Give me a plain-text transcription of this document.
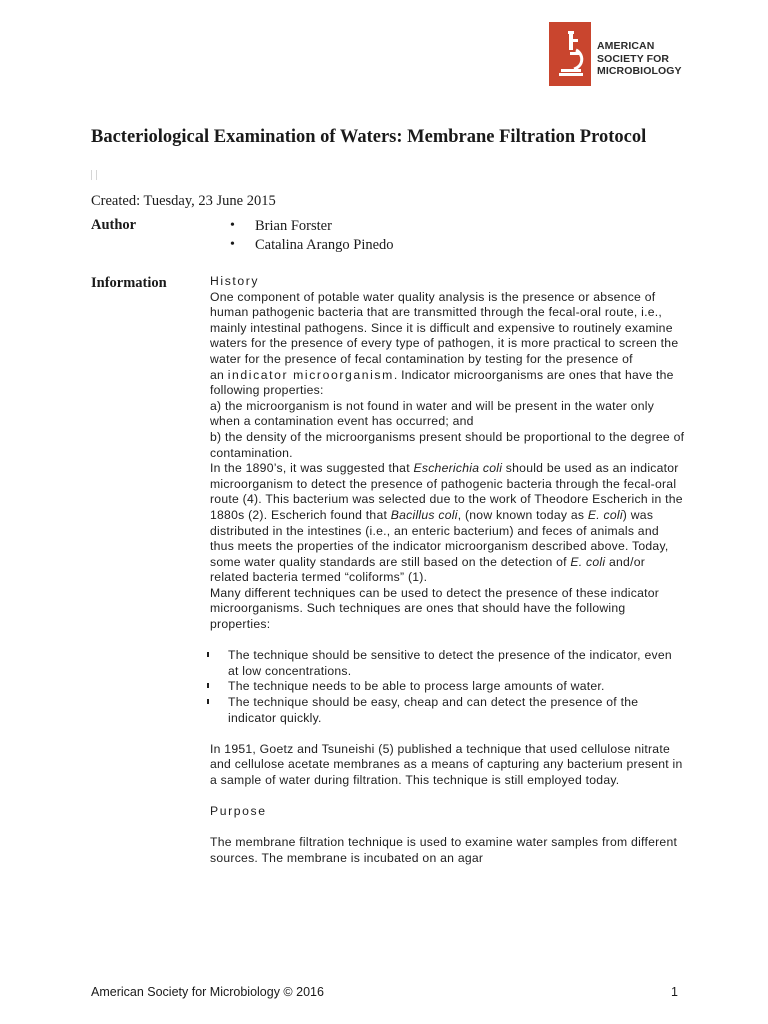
AMERICAN
SOCIETY FOR
MICROBIOLOGY
Bacteriological Examination of Waters: Membrane Filtration Protocol
Created: Tuesday, 23 June 2015
Author
•	Brian Forster
• Catalina Arango Pinedo
Information	History

One component of potable water quality analysis is the presence or absence of human pathogenic bacteria that are transmitted through the fecal-oral route, i.e., mainly intestinal pathogens. Since it is difficult and expensive to routinely examine waters for the presence of every type of pathogen, it is more practical to screen the water for the presence of fecal contamination by testing for the presence of

an indicator microorganism. Indicator microorganisms are ones that have the following properties:

a) the microorganism is not found in water and will be present in the water only when a contamination event has occurred; and

b) the density of the microorganisms present should be proportional to the degree of contamination.

In the 1890’s, it was suggested that Escherichia coli should be used as an indicator microorganism to detect the presence of pathogenic bacteria through the fecal-oral route (4). This bacterium was selected due to the work of Theodore Escherich in the 1880s (2). Escherich found that Bacillus coli, (now known today as E. coli) was distributed in the intestines (i.e., an enteric bacterium) and feces of animals and thus meets the properties of the indicator microorganism described above. Today, some water quality standards are still based on the detection of E. coli and/or related bacteria termed “coliforms” (1).

Many different techniques can be used to detect the presence of these indicator microorganisms. Such techniques are ones that should have the following properties:

The technique should be sensitive to detect the presence of the indicator, even at low concentrations.
The technique needs to be able to process large amounts of water.
The technique should be easy, cheap and can detect the presence of the indicator quickly.

In 1951, Goetz and Tsuneishi (5) published a technique that used cellulose nitrate and cellulose acetate membranes as a means of capturing any bacterium present in a sample of water during filtration. This technique is still employed today.

Purpose

The membrane filtration technique is used to examine water samples from different sources. The membrane is incubated on an agar

American Society for Microbiology © 2016	1
